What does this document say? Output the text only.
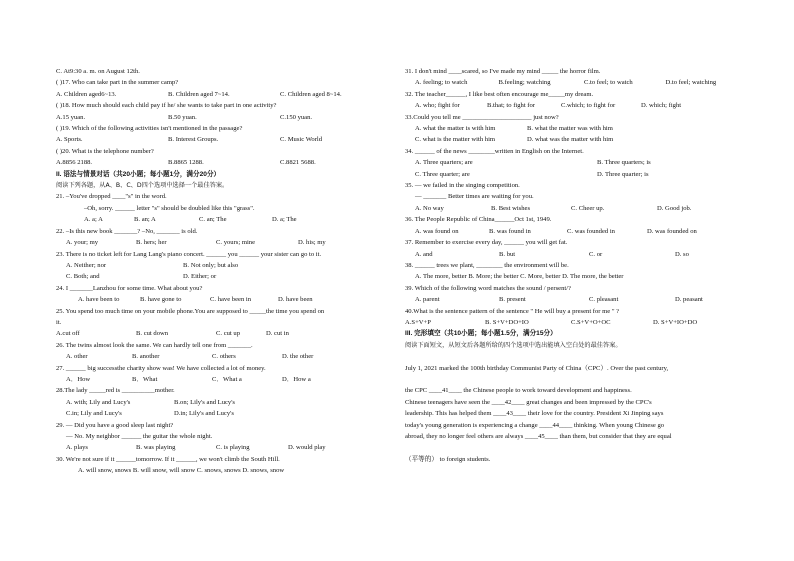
C. At9:30 a. m. on August 12th.
( )17. Who can take part in the summer camp?
A. Children aged6~13.	B. Children aged 7~14.	C. Children aged 8~14.
( )18. How much should each child pay if he/ she wants to take part in one activity?
A.15 yuan.	B.50 yuan.	C.150 yuan.
( )19. Which of the following activities isn't mentioned in the passage?
A. Sports.	B. Interest Groups.	C. Music World
( )20. What is the telephone number?
A.8856 2188.	B.8865 1288.	C.8821 5688.
II. 语法与情景对话（共20小题；每小题1分，满分20分）
阅读下列各题，从A、B、C、D四个选项中选择一个最佳答案。
21. –You've dropped ____"s" in the word.
–Oh, sorry. ______ letter "s" should be doubled like this "grass".
A. a; A	B. an; A	C. an; The	D. a; The
22. –Is this new book _______? –No, _______ is old.
A. your; my	B. hers; her	C. yours; mine	D. his; my
23. There is no ticket left for Lang Lang's piano concert. ______ you ______ your sister can go to it.
A. Neither; nor	B. Not only; but also
C. Both; and	D. Either; or
24. I _______Lanzhou for some time. What about you?
A. have been to	B. have gone to	C. have been in	D. have been
25. You spend too much time on your mobile phone.You are supposed to _____the time you spend on
it.
A.cut off	B. cut down	C. cut up	D. cut in
26. The twins almost look the same. We can hardly tell one from _______.
A. other	B. another	C. others	D. the other
27. ______ big successthe charity show was! We have collected a lot of money.
A．How	B．What	C．What a	D．How a
28.The lady _____red is __________mother.
A. with; Lily and Lucy's	B.on; Lily's and Lucy's
C.in; Lily and Lucy's	D.in; Lily's and Lucy's
29. — Did you have a good sleep last night?
— No. My neighbor ______ the guitar the whole night.
A. plays	B. was playing	C. is playing	D. would play
30. We're not sure if it ______tomorrow. If it ______, we won't climb the South Hill.
A. will snow, snows B. will snow, will snow C. snows, snows D. snows, snow
31. I don't mind ____scared, so I've made my mind _____ the horror film.
A. feeling; to watch	B.feeling; watching	C.to feel; to watch	D.to feel; watching
32. The teacher______, I like best often encourage me_____my dream.
A. who; fight for	B.that; to fight for	C.which; to fight for	D. which; fight
33.Could you tell me _____________________ just now?
A. what the matter is with him	B. what the matter was with him
C. what is the matter with him	D. what was the matter with him
34. ______ of the news ________written in English on the Internet.
A. Three quarters; are	B. Three quarters; is
C. Three quarter; are	D. Three quarter; is
35. — we failed in the singing competition.
— _______ Better times are waiting for you.
A. No way	B. Best wishes	C. Cheer up.	D. Good job.
36. The People Republic of China______Oct 1st, 1949.
A. was found on	B. was found in	C. was founded in	D. was founded on
37. Remember to exercise every day, ______ you will get fat.
A. and	B. but	C. or	D. so
38. ______ trees we plant, ________ the environment will be.
A. The more, better B. More; the better C. More, better D. The more, the better
39. Which of the following word matches the sound / persent/?
A. parent	B. present	C. pleasant	D. peasant
40.What is the sentence pattern of the sentence " He will buy a present for me " ?
A.S+V+P	B. S+V+DO+IO	C.S+V+O+OC	D. S+V+IO+DO
III. 完形填空（共10小题；每小题1.5分，满分15分）
阅读下面短文，从短文后各题所给的四个选项中选出能填入空白处的最佳答案。
July 1, 2021 marked the 100th birthday Communist Party of China（CPC）. Over the past century,
the CPC ____41____ the Chinese people to work toward development and happiness.
Chinese teenagers have seen the ____42____ great changes and been impressed by the CPC's
leadership. This has helped them ____43____ their love for the country. President Xi Jinping says
today's young generation is experiencing a change ____44____ thinking. When young Chinese go
abroad, they no longer feel others are always ____45____ than them, but consider that they are equal
（平等的） to foreign students.
